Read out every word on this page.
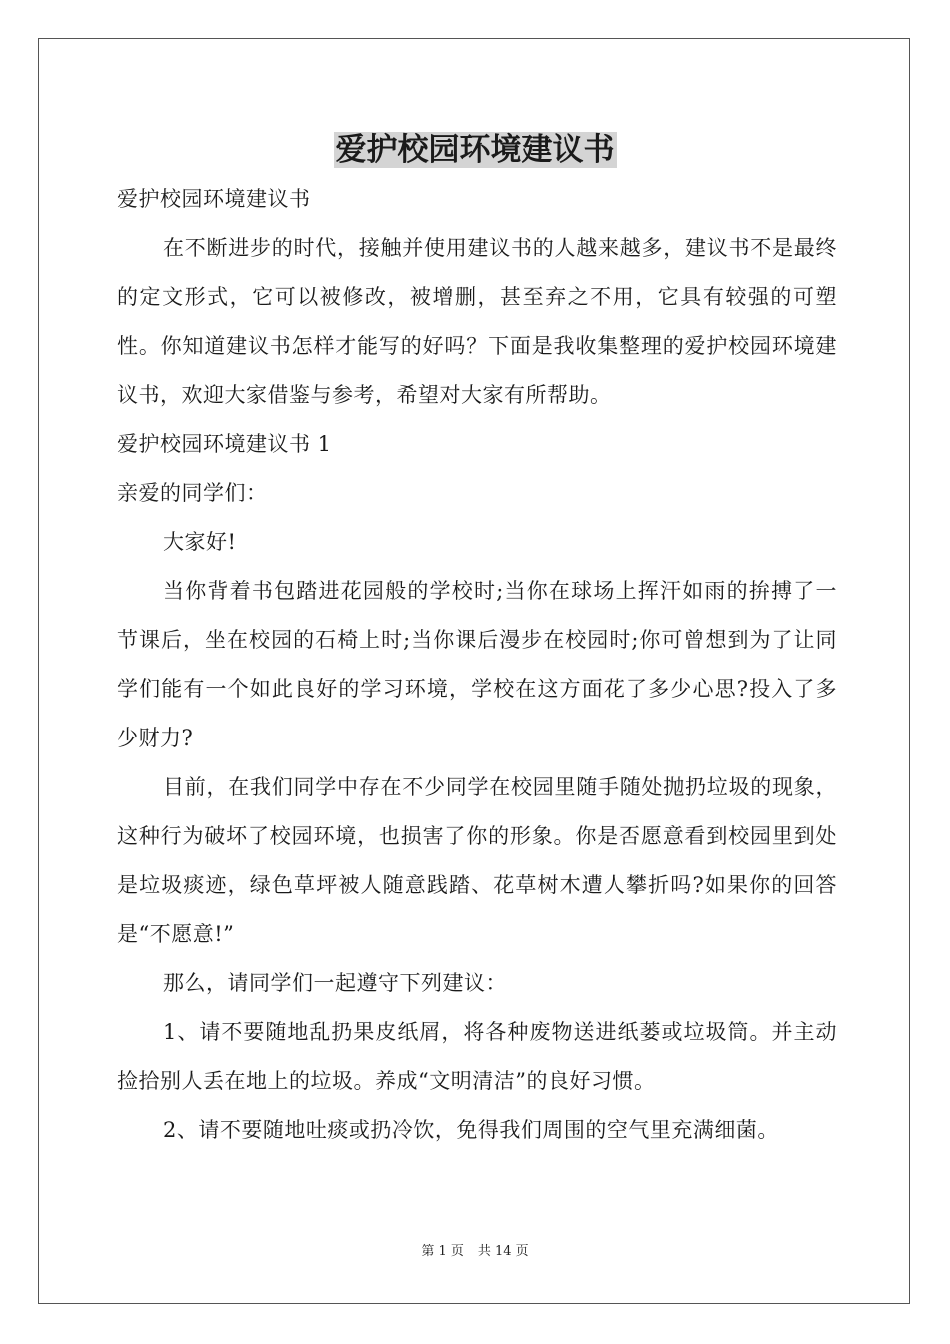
爱护校园环境建议书

爱护校园环境建议书

在不断进步的时代，接触并使用建议书的人越来越多，建议书不是最终的定文形式，它可以被修改，被增删，甚至弃之不用，它具有较强的可塑性。你知道建议书怎样才能写的好吗？下面是我收集整理的爱护校园环境建议书，欢迎大家借鉴与参考，希望对大家有所帮助。

爱护校园环境建议书 1

亲爱的同学们：

大家好!

当你背着书包踏进花园般的学校时;当你在球场上挥汗如雨的拚搏了一节课后，坐在校园的石椅上时;当你课后漫步在校园时;你可曾想到为了让同学们能有一个如此良好的学习环境，学校在这方面花了多少心思?投入了多少财力?

目前，在我们同学中存在不少同学在校园里随手随处抛扔垃圾的现象，这种行为破坏了校园环境，也损害了你的形象。你是否愿意看到校园里到处是垃圾痰迹，绿色草坪被人随意践踏、花草树木遭人攀折吗?如果你的回答是“不愿意!”

那么，请同学们一起遵守下列建议：

1、请不要随地乱扔果皮纸屑，将各种废物送进纸蒌或垃圾筒。并主动捡拾别人丢在地上的垃圾。养成“文明清洁”的良好习惯。

2、请不要随地吐痰或扔冷饮，免得我们周围的空气里充满细菌。

第 1 页 共 14 页
